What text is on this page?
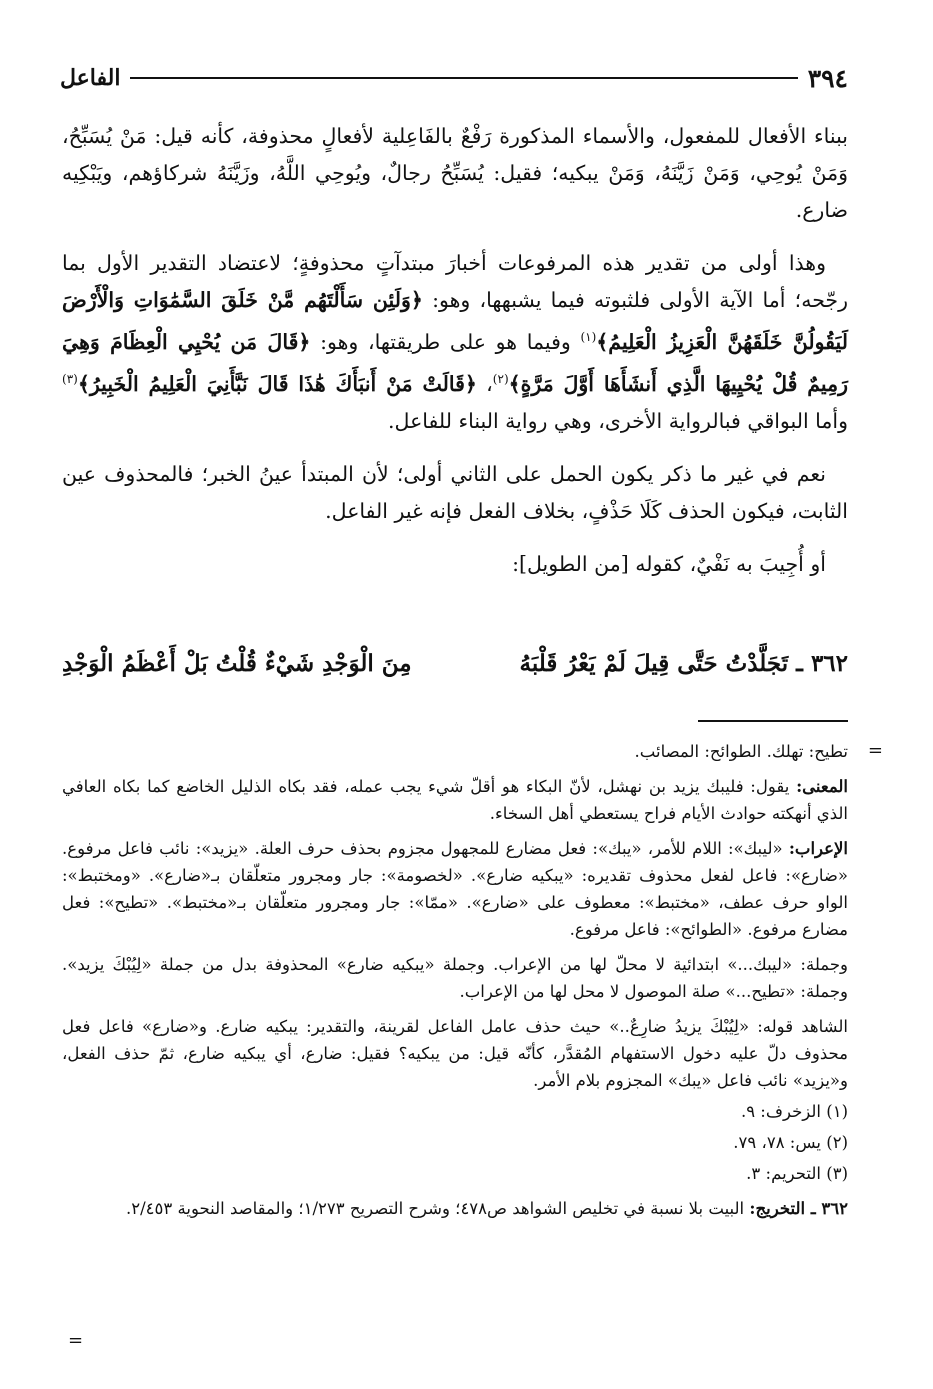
٣٩٤
الفاعل

ببناء الأفعال للمفعول، والأسماء المذكورة رَفْعٌ بالفَاعِلية لأفعالٍ محذوفة، كأنه قيل: مَنْ يُسَبِّحُ، وَمَنْ يُوحِي، وَمَنْ زَيَّنَهُ، وَمَنْ يبكيه؛ فقيل: يُسَبِّحُ رجالٌ، ويُوحِي اللَّهُ، وزَيَّنَهُ شركاؤهم، ويَبْكِيه ضارع.

وهذا أولى من تقدير هذه المرفوعات أخبارَ مبتدآتٍ محذوفةٍ؛ لاعتضاد التقدير الأول بما رجّحه؛ أما الآية الأولى فلثبوته فيما يشبهها، وهو: ﴿وَلَئِن سَأَلْتَهُم مَّنْ خَلَقَ السَّمَٰوَاتِ وَالْأَرْضَ لَيَقُولُنَّ خَلَقَهُنَّ الْعَزِيزُ الْعَلِيمُ﴾$^{(١)}$ وفيما هو على طريقتها، وهو: ﴿قَالَ مَن يُحْيِي الْعِظَامَ وَهِيَ رَمِيمٌ قُلْ يُحْيِيهَا الَّذِي أَنشَأَهَا أَوَّلَ مَرَّةٍ﴾$^{(٢)}$، ﴿قَالَتْ مَنْ أَنبَأَكَ هَٰذَا قَالَ نَبَّأَنِيَ الْعَلِيمُ الْخَبِيرُ﴾$^{(٣)}$ وأما البواقي فبالرواية الأخرى، وهي رواية البناء للفاعل.

نعم في غير ما ذكر يكون الحمل على الثاني أولى؛ لأن المبتدأ عينُ الخبر؛ فالمحذوف عين الثابت، فيكون الحذف كَلَا حَذْفٍ، بخلاف الفعل فإنه غير الفاعل.

أو أُجِيبَ به نَفْيٌ، كقوله [من الطويل]:

٣٦٢ ـ تَجَلَّدْتُ حَتَّى قِيلَ لَمْ يَعْرُ قَلْبَهُ
مِنَ الْوَجْدِ شَيْءٌ قُلْتُ بَلْ أَعْظَمُ الْوَجْدِ
=

تطيح: تهلك. الطوائح: المصائب.

المعنى: يقول: فليبك يزيد بن نهشل، لأنّ البكاء هو أقلّ شيء يجب عمله، فقد بكاه الذليل الخاضع كما بكاه العافي الذي أنهكته حوادث الأيام فراح يستعطي أهل السخاء.

الإعراب: «ليبك»: اللام للأمر، «يبك»: فعل مضارع للمجهول مجزوم بحذف حرف العلة. «يزيد»: نائب فاعل مرفوع. «ضارع»: فاعل لفعل محذوف تقديره: «يبكيه ضارع». «لخصومة»: جار ومجرور متعلّقان بـ«ضارع». «ومختبط»: الواو حرف عطف، «مختبط»: معطوف على «ضارع». «ممّا»: جار ومجرور متعلّقان بـ«مختبط». «تطيح»: فعل مضارع مرفوع. «الطوائح»: فاعل مرفوع.

وجملة: «ليبك...» ابتدائية لا محلّ لها من الإعراب. وجملة «يبكيه ضارع» المحذوفة بدل من جملة «لِيُبْكَ يزيد». وجملة: «تطيح...» صلة الموصول لا محل لها من الإعراب.

الشاهد قوله: «لِيُبْكَ يزيدُ ضارِعٌ..» حيث حذف عامل الفاعل لقرينة، والتقدير: يبكيه ضارع. و«ضارع» فاعل فعل محذوف دلّ عليه دخول الاستفهام المُقدَّر، كأنّه قيل: من يبكيه؟ فقيل: ضارع، أي يبكيه ضارع، ثمّ حذف الفعل، و«يزيد» نائب فاعل «يبك» المجزوم بلام الأمر.

(١) الزخرف: ٩.

(٢) يس: ٧٨، ٧٩.

(٣) التحريم: ٣.

٣٦٢ ـ التخريج: البيت بلا نسبة في تخليص الشواهد ص٤٧٨؛ وشرح التصريح ١/٢٧٣؛ والمقاصد النحوية ٢/٤٥٣.

=
